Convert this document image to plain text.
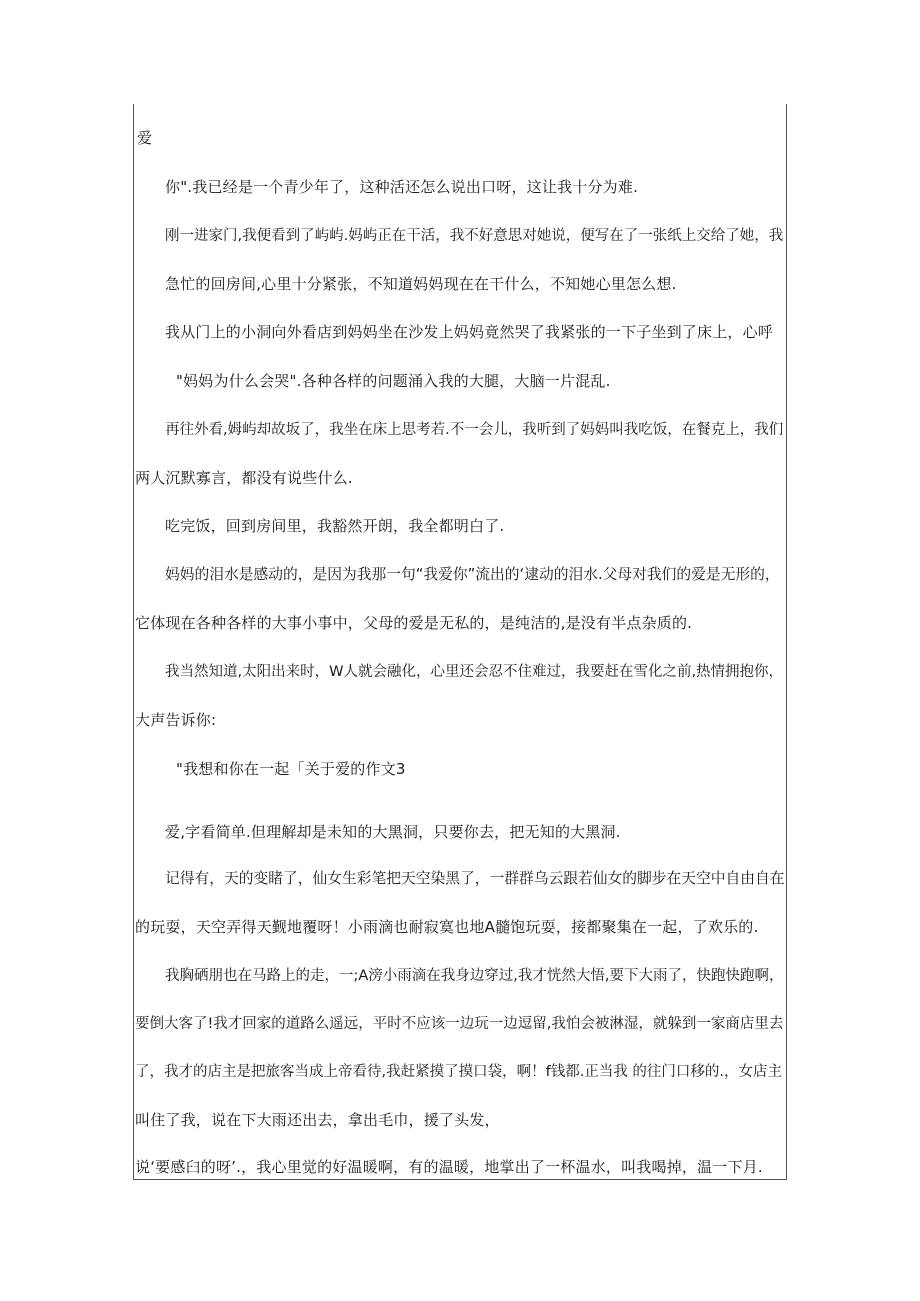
爱
你".我已经是一个青少年了，这种活还怎么说出口呀，这让我十分为难.
刚一进家门,我便看到了屿屿.妈屿正在干活，我不好意思对她说，便写在了一张纸上交给了她，我
急忙的回房间,心里十分紧张，不知道妈妈现在在干什么，不知她心里怎么想.
我从门上的小洞向外看店到妈妈坐在沙发上妈妈竟然哭了我紧张的一下子坐到了床上，心呼
"妈妈为什么会哭".各种各样的问题涌入我的大腿，大脑一片混乱.
再往外看,姆屿却故坂了，我坐在床上思考若.不一会儿，我听到了妈妈叫我吃饭，在餐克上，我们
两人沉默寡言，都没有说些什么.
吃完饭，回到房间里，我豁然开朗，我全都明白了.
妈妈的泪水是感动的，是因为我那一句“我爱你”流出的‘逮动的泪水.父母对我们的爱是无形的，
它体现在各种各样的大事小事中，父母的爱是无私的，是纯洁的,是没有半点杂质的.
我当然知道,太阳出来时，W人就会融化，心里还会忍不住难过，我要赶在雪化之前,热情拥抱你，
大声告诉你:
"我想和你在一起「关于爱的作文3
爱,字看简单.但理解却是未知的大黑洞，只要你去，把无知的大黑洞.
记得有，天的变睹了，仙女生彩笔把天空染黑了，一群群乌云跟若仙女的脚步在天空中自由自在
的玩耍，天空弄得天觐地覆呀！小雨滴也耐寂寞也地A髓饱玩耍，接都聚集在一起，了欢乐的.
我胸硒朋也在马路上的走，一;A滂小雨滴在我身边穿过,我才恍然大悟,要下大雨了，快跑快跑啊，
要倒大客了!我才回家的道路么遥远，平时不应该一边玩一边逗留,我怕会被淋湿，就躲到一家商店里去
了，我才的店主是把旅客当成上帝看待,我赶紧摸了摸口袋，啊！f钱都.正当我 的往门口移的.，女店主
叫住了我，说在下大雨还出去，拿出毛巾，援了头发，
说‘要感臼的呀’.，我心里觉的好温暖啊，有的温暖，地掌出了一杯温水，叫我喝掉，温一下月.
